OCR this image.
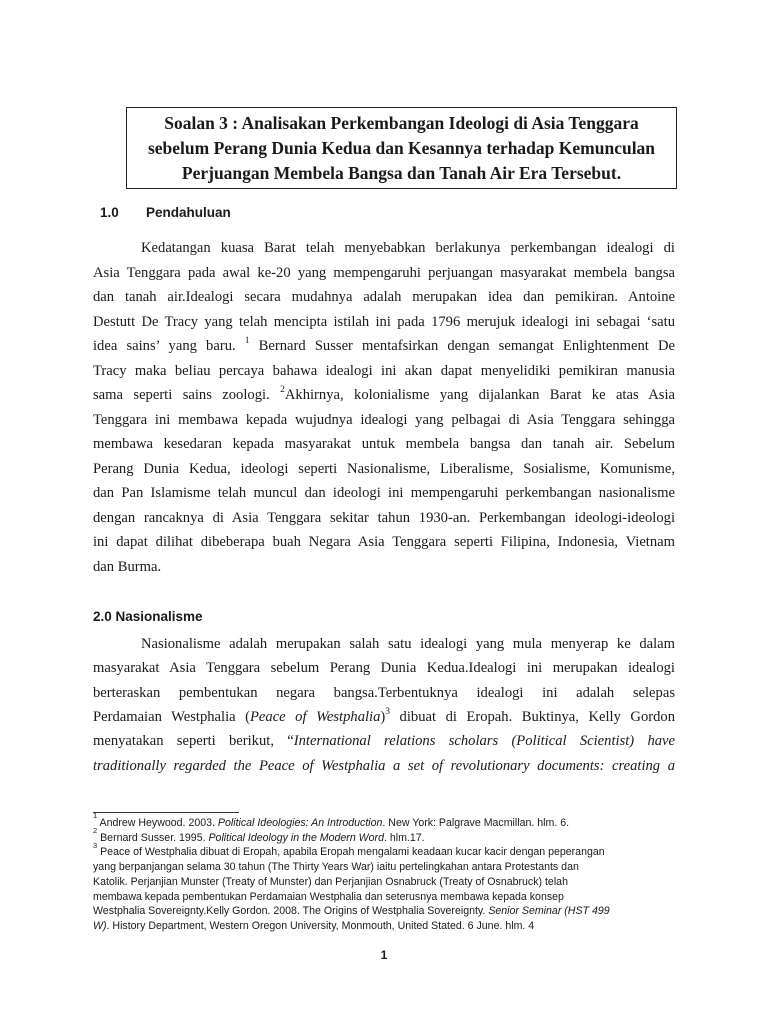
Soalan 3 : Analisakan Perkembangan Ideologi di Asia Tenggara
sebelum Perang Dunia Kedua dan Kesannya terhadap Kemunculan
Perjuangan Membela Bangsa dan Tanah Air Era Tersebut.
1.0 Pendahuluan
Kedatangan kuasa Barat telah menyebabkan berlakunya perkembangan idealogi di
Asia Tenggara pada awal ke-20 yang mempengaruhi perjuangan masyarakat membela bangsa
dan tanah air.Idealogi secara mudahnya adalah merupakan idea dan pemikiran. Antoine
Destutt De Tracy yang telah mencipta istilah ini pada 1796 merujuk idealogi ini sebagai ‘satu
idea sains’ yang baru. $^1$ Bernard Susser mentafsirkan dengan semangat Enlightenment De
Tracy maka beliau percaya bahawa idealogi ini akan dapat menyelidiki pemikiran manusia
sama seperti sains zoologi. $^2$Akhirnya, kolonialisme yang dijalankan Barat ke atas Asia
Tenggara ini membawa kepada wujudnya idealogi yang pelbagai di Asia Tenggara sehingga
membawa kesedaran kepada masyarakat untuk membela bangsa dan tanah air. Sebelum
Perang Dunia Kedua, ideologi seperti Nasionalisme, Liberalisme, Sosialisme, Komunisme,
dan Pan Islamisme telah muncul dan ideologi ini mempengaruhi perkembangan nasionalisme
dengan rancaknya di Asia Tenggara sekitar tahun 1930-an. Perkembangan ideologi-ideologi
ini dapat dilihat dibeberapa buah Negara Asia Tenggara seperti Filipina, Indonesia, Vietnam
dan Burma.
2.0 Nasionalisme
Nasionalisme adalah merupakan salah satu idealogi yang mula menyerap ke dalam
masyarakat Asia Tenggara sebelum Perang Dunia Kedua.Idealogi ini merupakan idealogi
berteraskan pembentukan negara bangsa.Terbentuknya idealogi ini adalah selepas
Perdamaian Westphalia (Peace of Westphalia)$^3$ dibuat di Eropah. Buktinya, Kelly Gordon
menyatakan seperti berikut, “International relations scholars (Political Scientist) have
traditionally regarded the Peace of Westphalia a set of revolutionary documents: creating a
$^1$ Andrew Heywood. 2003. Political Ideologies: An Introduction. New York: Palgrave Macmillan. hlm. 6.
$^2$ Bernard Susser. 1995. Political Ideology in the Modern Word. hlm.17.
$^3$ Peace of Westphalia dibuat di Eropah, apabila Eropah mengalami keadaan kucar kacir dengan peperangan
yang berpanjangan selama 30 tahun (The Thirty Years War) iaitu pertelingkahan antara Protestants dan
Katolik. Perjanjian Munster (Treaty of Munster) dan Perjanjian Osnabruck (Treaty of Osnabruck) telah
membawa kepada pembentukan Perdamaian Westphalia dan seterusnya membawa kepada konsep
Westphalia Sovereignty.Kelly Gordon. 2008. The Origins of Westphalia Sovereignty. Senior Seminar (HST 499
W). History Department, Western Oregon University, Monmouth, United Stated. 6 June. hlm. 4
1
